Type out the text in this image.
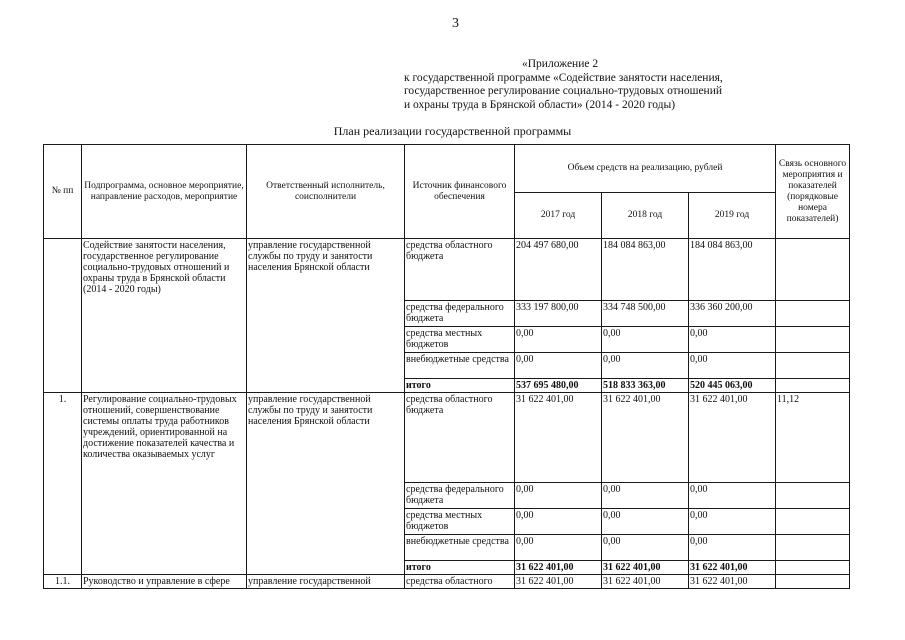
3
«Приложение 2
к государственной программе «Содействие занятости населения,
государственное регулирование социально-трудовых отношений
и охраны труда в Брянской области» (2014 - 2020 годы)
План реализации государственной программы
№ пп	Подпрограмма, основное мероприятие, направление расходов, мероприятие	Ответственный исполнитель, соисполнители	Источник финансового обеспечения	Объем средств на реализацию, рублей			Связь основного мероприятия и показателей (порядковые номера показателей)
				2017 год	2018 год	2019 год	
	Содействие занятости населения, государственное регулирование социально-трудовых отношений и охраны труда в Брянской области (2014 - 2020 годы)	управление государственной службы по труду и занятости населения Брянской области	средства областного бюджета	204 497 680,00	184 084 863,00	184 084 863,00	
			средства федерального бюджета	333 197 800,00	334 748 500,00	336 360 200,00	
			средства местных бюджетов	0,00	0,00	0,00	
			внебюджетные средства	0,00	0,00	0,00	
			итого	537 695 480,00	518 833 363,00	520 445 063,00	
1.	Регулирование социально-трудовых отношений, совершенствование системы оплаты труда работников учреждений, ориентированной на достижение показателей качества и количества оказываемых услуг	управление государственной службы по труду и занятости населения Брянской области	средства областного бюджета	31 622 401,00	31 622 401,00	31 622 401,00	11,12
			средства федерального бюджета	0,00	0,00	0,00	
			средства местных бюджетов	0,00	0,00	0,00	
			внебюджетные средства	0,00	0,00	0,00	
			итого	31 622 401,00	31 622 401,00	31 622 401,00	
1.1.	Руководство и управление в сфере	управление государственной	средства областного	31 622 401,00	31 622 401,00	31 622 401,00	
